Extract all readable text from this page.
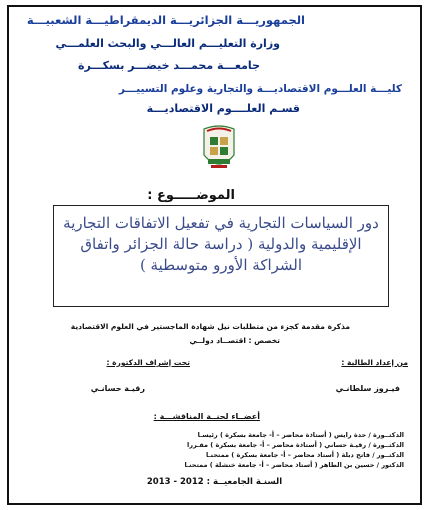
الجمهوريـــة الجزائريـــة الديمقراطيـــة الشعبيـــة
وزارة التعليـــم العالـــي والبحث العلمـــي
جامعـــة محمـــد خيضـــر بسكـــرة
كليـــة العلـــوم الاقتصاديـــة والتجارية وعلوم التسييـــر
قسـم العلــــوم الاقتصاديـــة
الموضـــــوع :
دور السياسات التجارية في تفعيل الاتفاقات التجارية الإقليمية والدولية ( دراسة حالة الجزائر واتفاق الشراكة الأورو متوسطية )
مذكرة مقدمة كجزء من متطلبات نيل شهادة الماجستير في العلوم الاقتصادية
تخصص : اقتصــاد دولــي
من إعداد الطالبة :
تحت إشراف الدكتورة :
فيـروز سلطانـي
رقيـة حسانـي
أعضــاء لجنــة المناقشـــة :
الدكتــورة / حدة رايس ( أستاذة محاضر – أ- جامعة بسكرة ) رئيسـا
الدكتــورة / رقيـة حساني ( أستاذة محاضر – أ- جامعة بسكرة ) مقـررا
الدكتــور / فاتح دبلة ( أستاذ محاضر – أ- جامعة بسكرة ) ممتحنـا
الدكتور / حسين بن الطاهر ( أستاذ محاضر – أ- جامعة خنشلة ) ممتحنـا
السنـة الجامعيــة : 2012 - 2013
